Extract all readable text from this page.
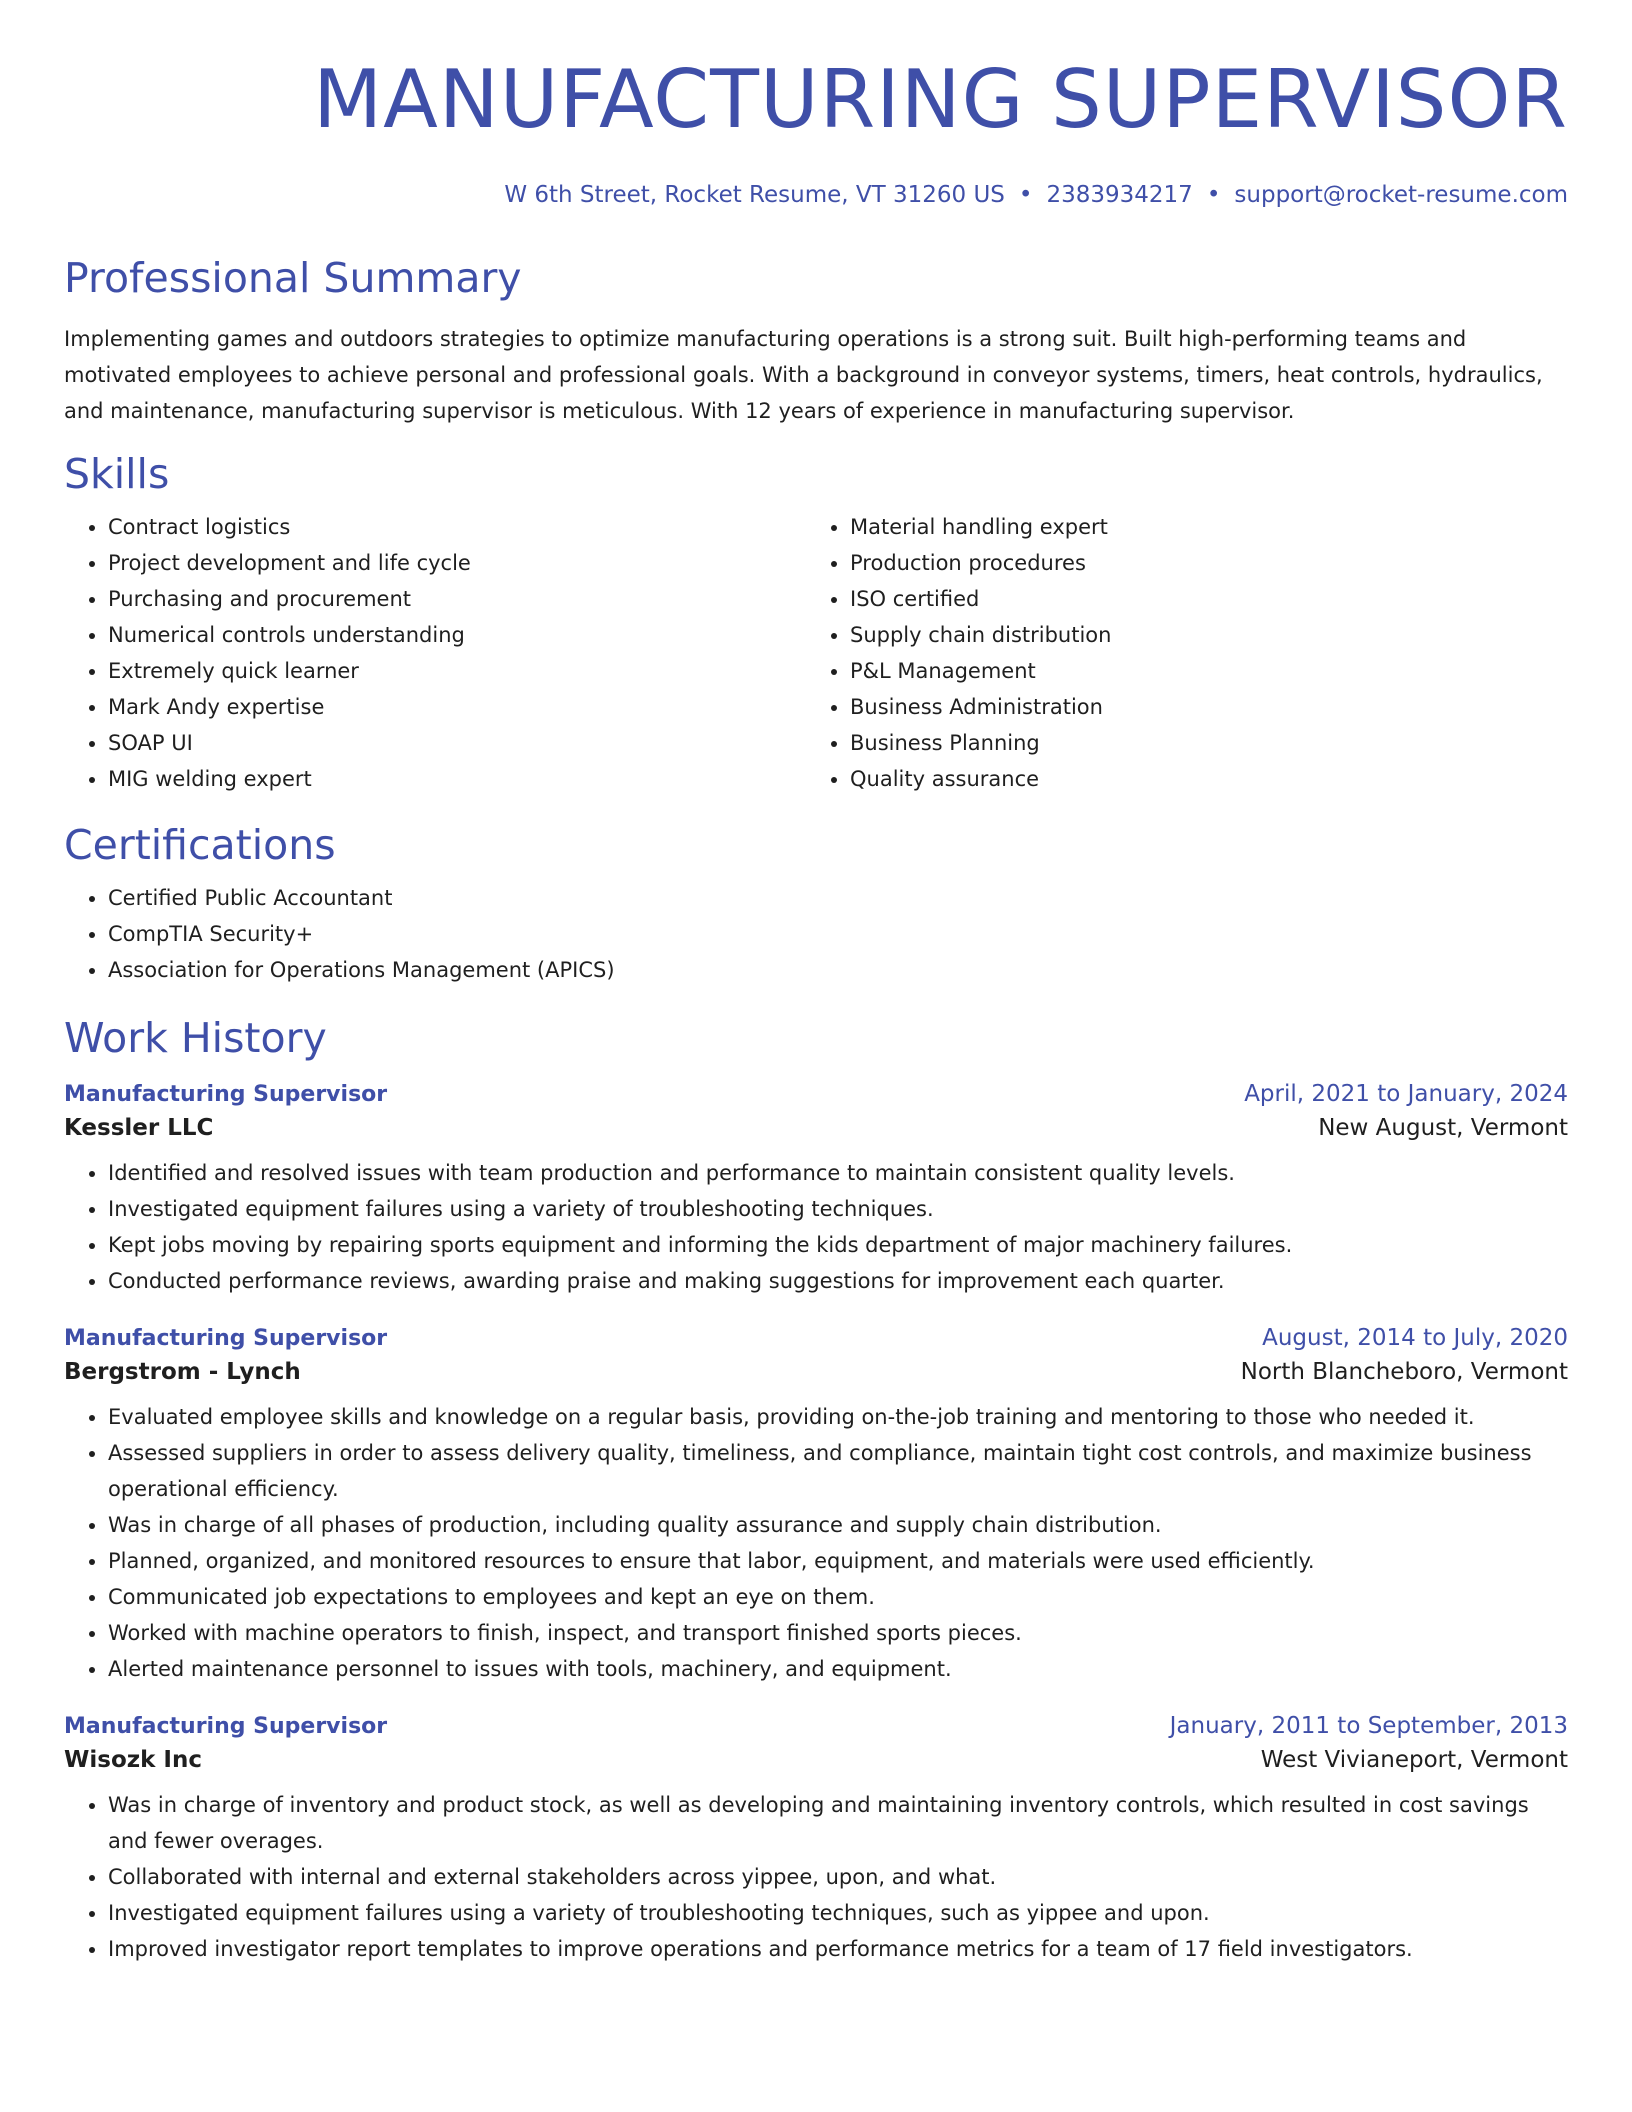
MANUFACTURING SUPERVISOR
W 6th Street, Rocket Resume, VT 31260 US • 2383934217 • support@rocket-resume.com
Professional Summary

Implementing games and outdoors strategies to optimize manufacturing operations is a strong suit. Built high-performing teams and motivated employees to achieve personal and professional goals. With a background in conveyor systems, timers, heat controls, hydraulics, and maintenance, manufacturing supervisor is meticulous. With 12 years of experience in manufacturing supervisor.

Skills
• Contract logistics
• Project development and life cycle
• Purchasing and procurement
• Numerical controls understanding
• Extremely quick learner
• Mark Andy expertise
• SOAP UI
• MIG welding expert
• Material handling expert
• Production procedures
• ISO certified
• Supply chain distribution
• P&L Management
• Business Administration
• Business Planning
• Quality assurance
Certifications
• Certified Public Accountant
• CompTIA Security+
• Association for Operations Management (APICS)
Work History
Manufacturing Supervisor	April, 2021 to January, 2024
Kessler LLC	New August, Vermont
• Identified and resolved issues with team production and performance to maintain consistent quality levels.
• Investigated equipment failures using a variety of troubleshooting techniques.
• Kept jobs moving by repairing sports equipment and informing the kids department of major machinery failures.
• Conducted performance reviews, awarding praise and making suggestions for improvement each quarter.
Manufacturing Supervisor	August, 2014 to July, 2020
Bergstrom - Lynch	North Blancheboro, Vermont
• Evaluated employee skills and knowledge on a regular basis, providing on-the-job training and mentoring to those who needed it.
• Assessed suppliers in order to assess delivery quality, timeliness, and compliance, maintain tight cost controls, and maximize business operational efficiency.
• Was in charge of all phases of production, including quality assurance and supply chain distribution.
• Planned, organized, and monitored resources to ensure that labor, equipment, and materials were used efficiently.
• Communicated job expectations to employees and kept an eye on them.
• Worked with machine operators to finish, inspect, and transport finished sports pieces.
• Alerted maintenance personnel to issues with tools, machinery, and equipment.
Manufacturing Supervisor	January, 2011 to September, 2013
Wisozk Inc	West Vivianeport, Vermont
• Was in charge of inventory and product stock, as well as developing and maintaining inventory controls, which resulted in cost savings and fewer overages.
• Collaborated with internal and external stakeholders across yippee, upon, and what.
• Investigated equipment failures using a variety of troubleshooting techniques, such as yippee and upon.
• Improved investigator report templates to improve operations and performance metrics for a team of 17 field investigators.
